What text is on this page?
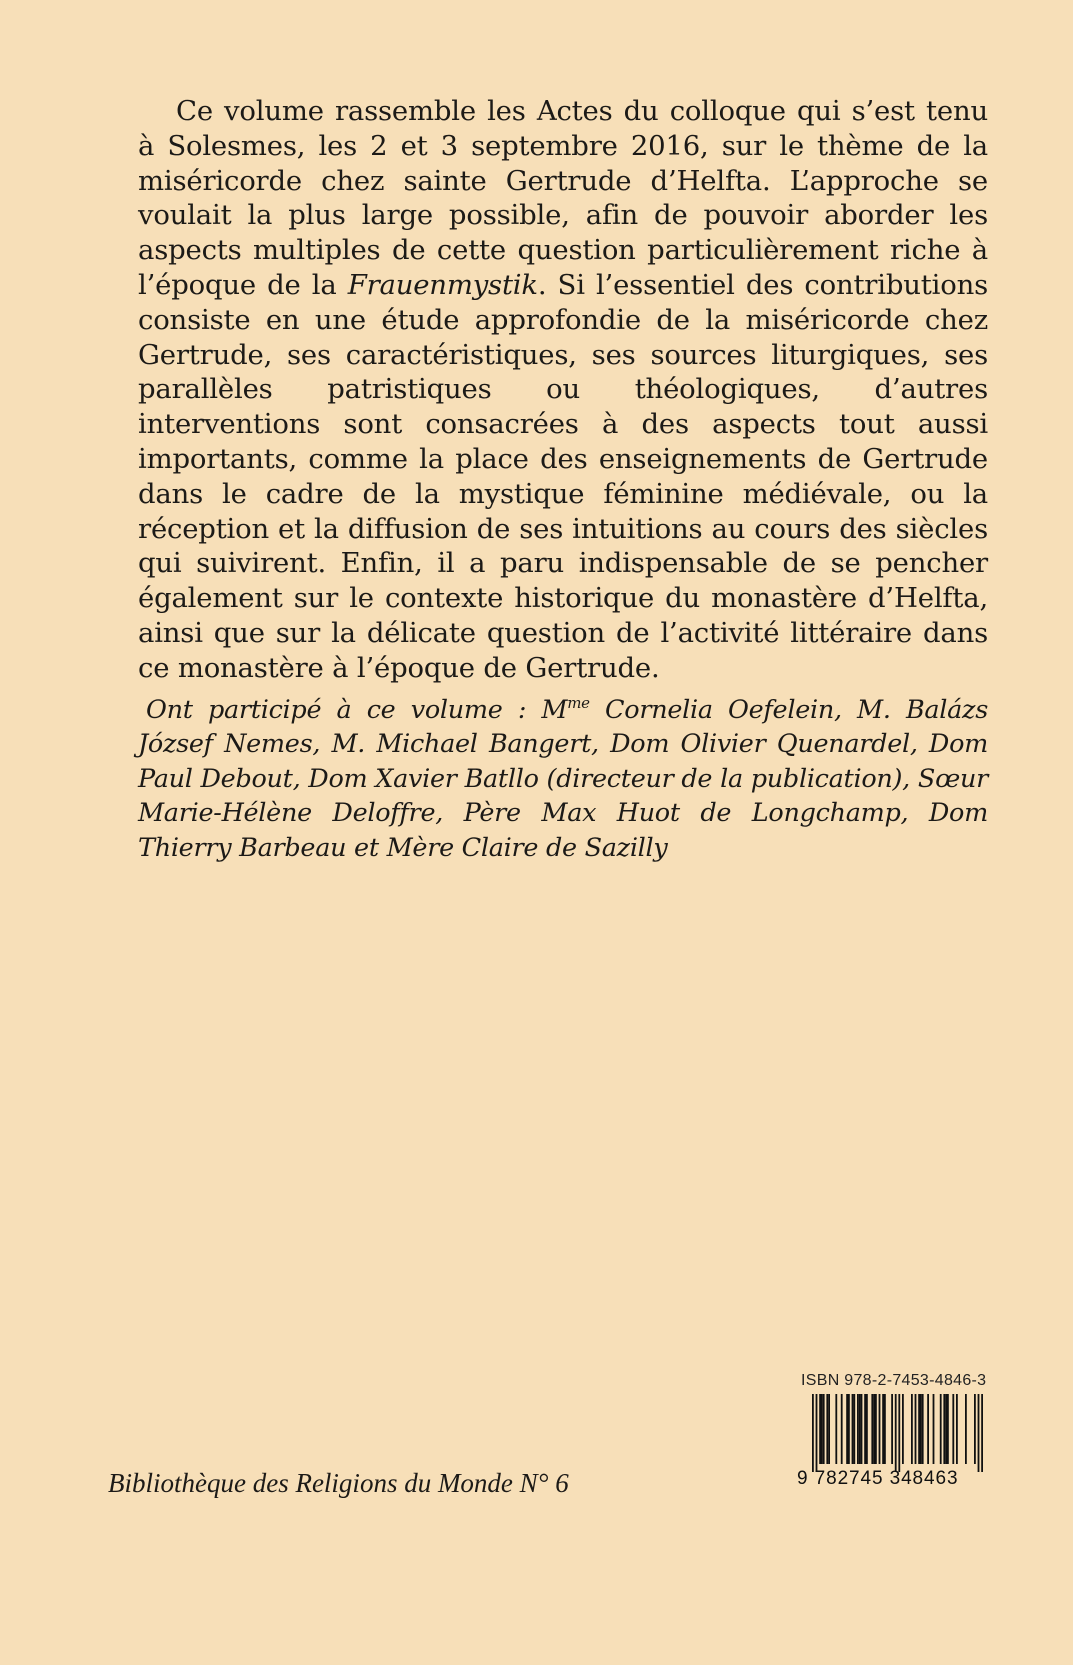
Ce volume rassemble les Actes du colloque qui s’est tenu à Solesmes, les 2 et 3 septembre 2016, sur le thème de la miséricorde chez sainte Gertrude d’Helfta. L’approche se voulait la plus large possible, afin de pouvoir aborder les aspects multiples de cette question particulièrement riche à l’époque de la Frauenmystik. Si l’essentiel des contributions consiste en une étude approfondie de la miséricorde chez Gertrude, ses caractéristiques, ses sources liturgiques, ses parallèles patristiques ou théologiques, d’autres interventions sont consacrées à des aspects tout aussi importants, comme la place des enseignements de Gertrude dans le cadre de la mystique féminine médiévale, ou la réception et la diffusion de ses intuitions au cours des siècles qui suivirent. Enfin, il a paru indispensable de se pencher également sur le contexte historique du monastère d’Helfta, ainsi que sur la délicate question de l’activité littéraire dans ce monastère à l’époque de Gertrude.

Ont participé à ce volume : $M^{me}$ Cornelia Oefelein, M. Balázs József Nemes, M. Michael Bangert, Dom Olivier Quenardel, Dom Paul Debout, Dom Xavier Batllo (directeur de la publication), Sœur Marie-Hélène Deloffre, Père Max Huot de Longchamp, Dom Thierry Barbeau et Mère Claire de Sazilly

Bibliothèque des Religions du Monde N° 6

ISBN 978-2-7453-4846-3
9 782745 348463
